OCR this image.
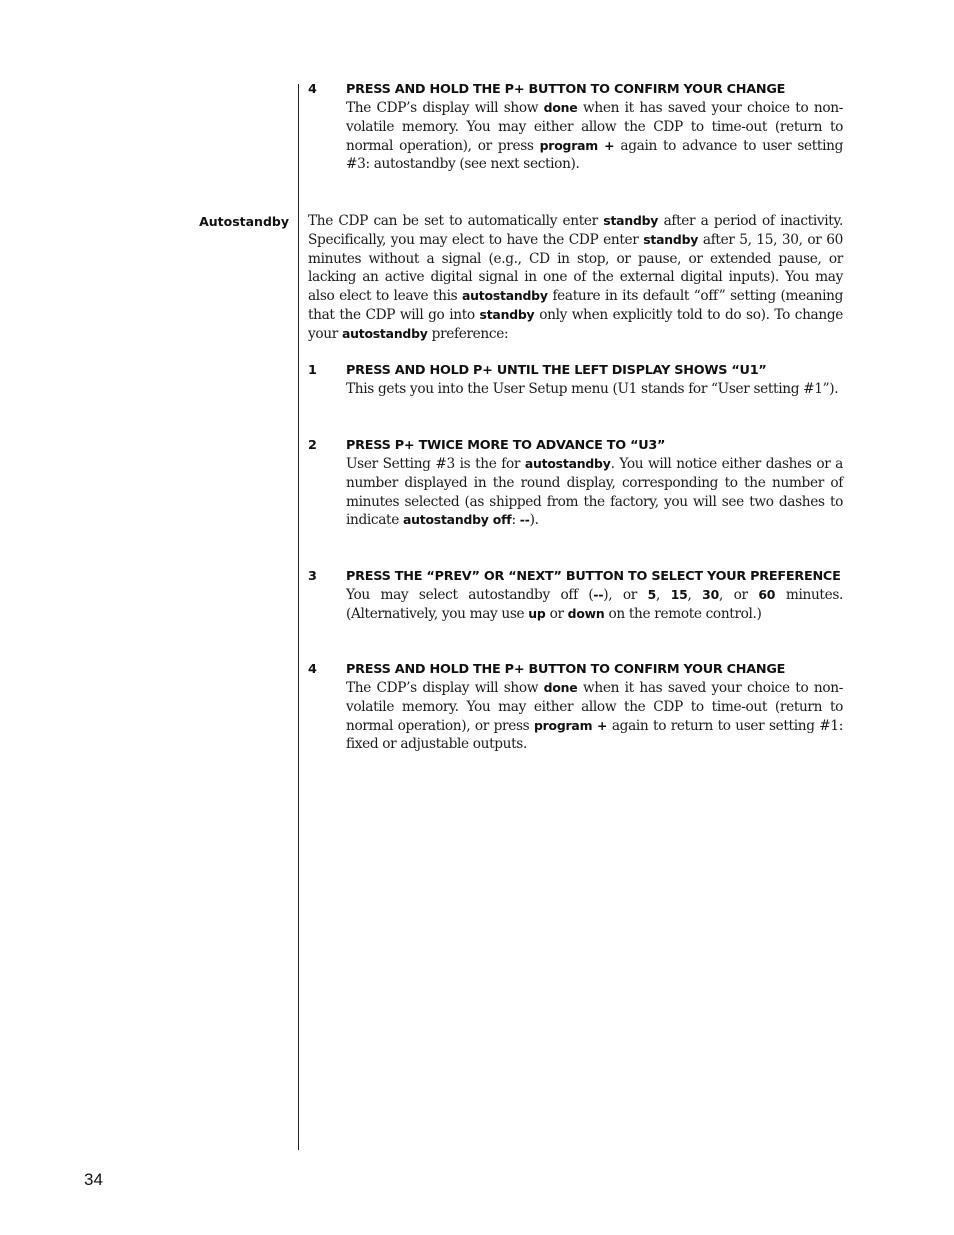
4 PRESS AND HOLD THE P+ BUTTON TO CONFIRM YOUR CHANGE
The CDP’s display will show done when it has saved your choice to non-volatile memory. You may either allow the CDP to time-out (return to normal operation), or press program + again to advance to user setting #3: autostandby (see next section).
Autostandby The CDP can be set to automatically enter standby after a period of inactivity. Specifically, you may elect to have the CDP enter standby after 5, 15, 30, or 60 minutes without a signal (e.g., CD in stop, or pause, or extended pause, or lacking an active digital signal in one of the external digital inputs). You may also elect to leave this autostandby feature in its default “off” setting (meaning that the CDP will go into standby only when explicitly told to do so). To change your autostandby preference:
1 PRESS AND HOLD P+ UNTIL THE LEFT DISPLAY SHOWS “U1”
This gets you into the User Setup menu (U1 stands for “User setting #1”).
2 PRESS P+ TWICE MORE TO ADVANCE TO “U3”
User Setting #3 is the for autostandby. You will notice either dashes or a number displayed in the round display, corresponding to the number of minutes selected (as shipped from the factory, you will see two dashes to indicate autostandby off: --).
3 PRESS THE “PREV” OR “NEXT” BUTTON TO SELECT YOUR PREFERENCE
You may select autostandby off (--), or 5, 15, 30, or 60 minutes. (Alternatively, you may use up or down on the remote control.)
4 PRESS AND HOLD THE P+ BUTTON TO CONFIRM YOUR CHANGE
The CDP’s display will show done when it has saved your choice to non-volatile memory. You may either allow the CDP to time-out (return to normal operation), or press program + again to return to user setting #1: fixed or adjustable outputs.
34
